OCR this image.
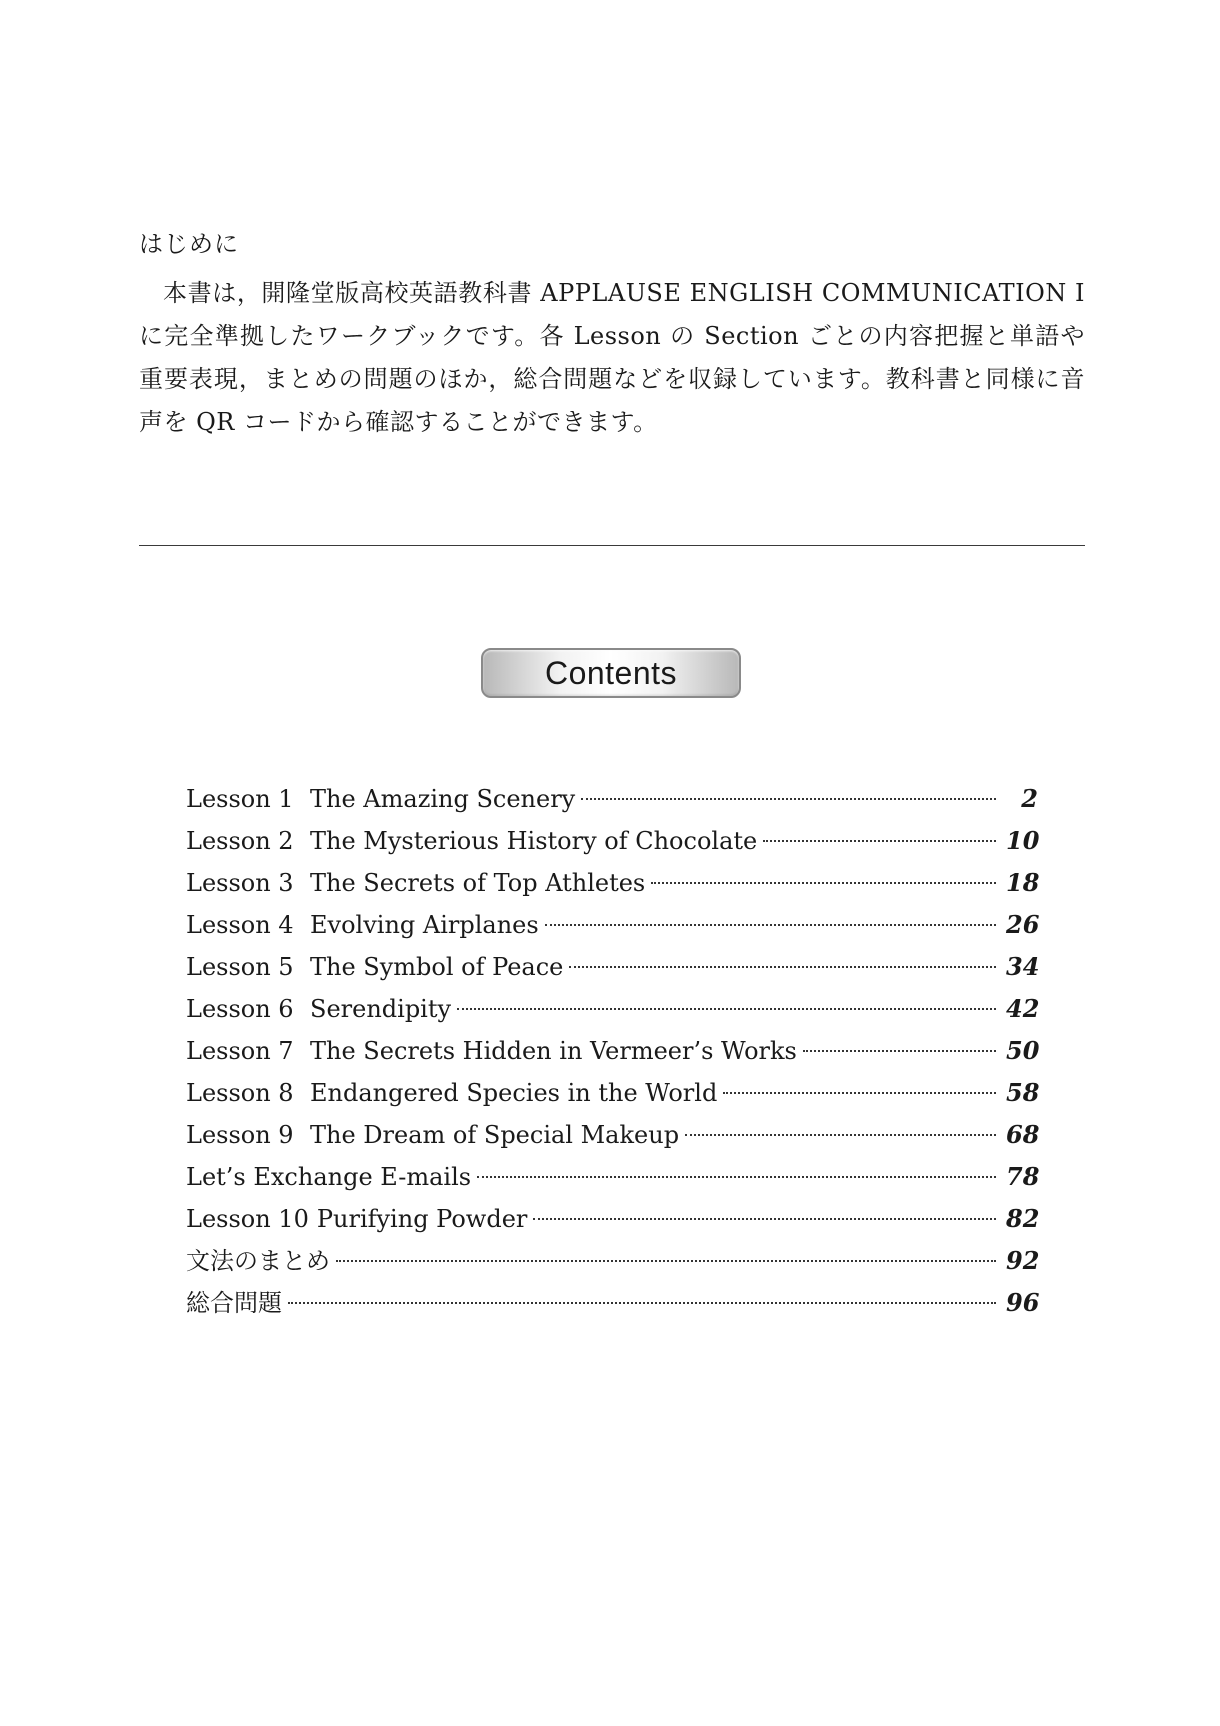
はじめに

本書は，開隆堂版高校英語教科書 APPLAUSE ENGLISH COMMUNICATION I に完全準拠したワークブックです。各 Lesson の Section ごとの内容把握と単語や重要表現，まとめの問題のほか，総合問題などを収録しています。教科書と同様に音声を QR コードから確認することができます。

Contents
Lesson 1 The Amazing Scenery	2
Lesson 2 The Mysterious History of Chocolate	10
Lesson 3 The Secrets of Top Athletes	18
Lesson 4 Evolving Airplanes	26
Lesson 5 The Symbol of Peace	34
Lesson 6 Serendipity	42
Lesson 7 The Secrets Hidden in Vermeer’s Works	50
Lesson 8 Endangered Species in the World	58
Lesson 9 The Dream of Special Makeup	68
Let’s Exchange E-mails	78
Lesson 10 Purifying Powder	82
文法のまとめ	92
総合問題	96
